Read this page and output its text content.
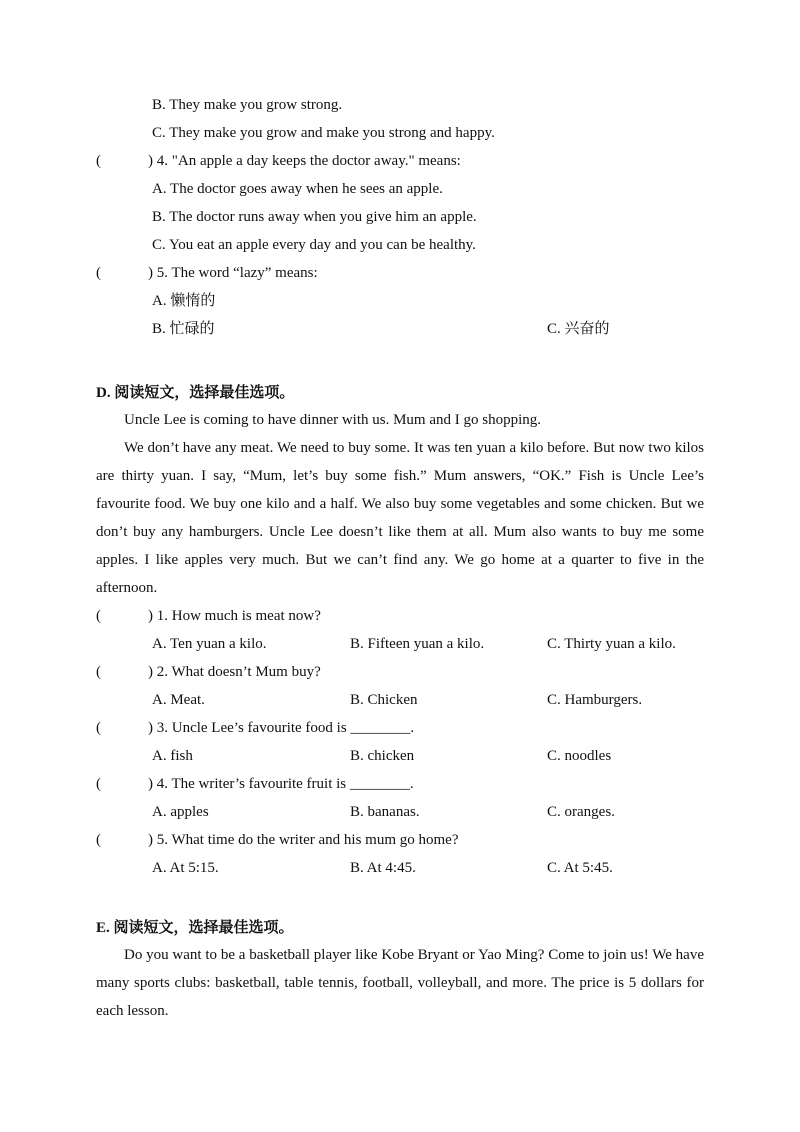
B. They make you grow strong.
C. They make you grow and make you strong and happy.
(	) 4. "An apple a day keeps the doctor away." means:
A. The doctor goes away when he sees an apple.
B. The doctor runs away when you give him an apple.
C. You eat an apple every day and you can be healthy.
(	) 5. The word “lazy” means:
A. 懒惰的
B. 忙碌的	C. 兴奋的
D. 阅读短文，选择最佳选项。

Uncle Lee is coming to have dinner with us. Mum and I go shopping.

We don’t have any meat. We need to buy some. It was ten yuan a kilo before. But now two kilos are thirty yuan. I say, “Mum, let’s buy some fish.” Mum answers, “OK.” Fish is Uncle Lee’s favourite food. We buy one kilo and a half. We also buy some vegetables and some chicken. But we don’t buy any hamburgers. Uncle Lee doesn’t like them at all. Mum also wants to buy me some apples. I like apples very much. But we can’t find any. We go home at a quarter to five in the afternoon.

(	) 1. How much is meat now?
A. Ten yuan a kilo.	B. Fifteen yuan a kilo.	C. Thirty yuan a kilo.
(	) 2. What doesn’t Mum buy?
A. Meat.	B. Chicken	C. Hamburgers.
(	) 3. Uncle Lee’s favourite food is ________.
A. fish	B. chicken	C. noodles
(	) 4. The writer’s favourite fruit is ________.
A. apples	B. bananas.	C. oranges.
(	) 5. What time do the writer and his mum go home?
A. At 5:15.	B. At 4:45.	C. At 5:45.
E. 阅读短文，选择最佳选项。

Do you want to be a basketball player like Kobe Bryant or Yao Ming? Come to join us! We have many sports clubs: basketball, table tennis, football, volleyball, and more. The price is 5 dollars for each lesson.
